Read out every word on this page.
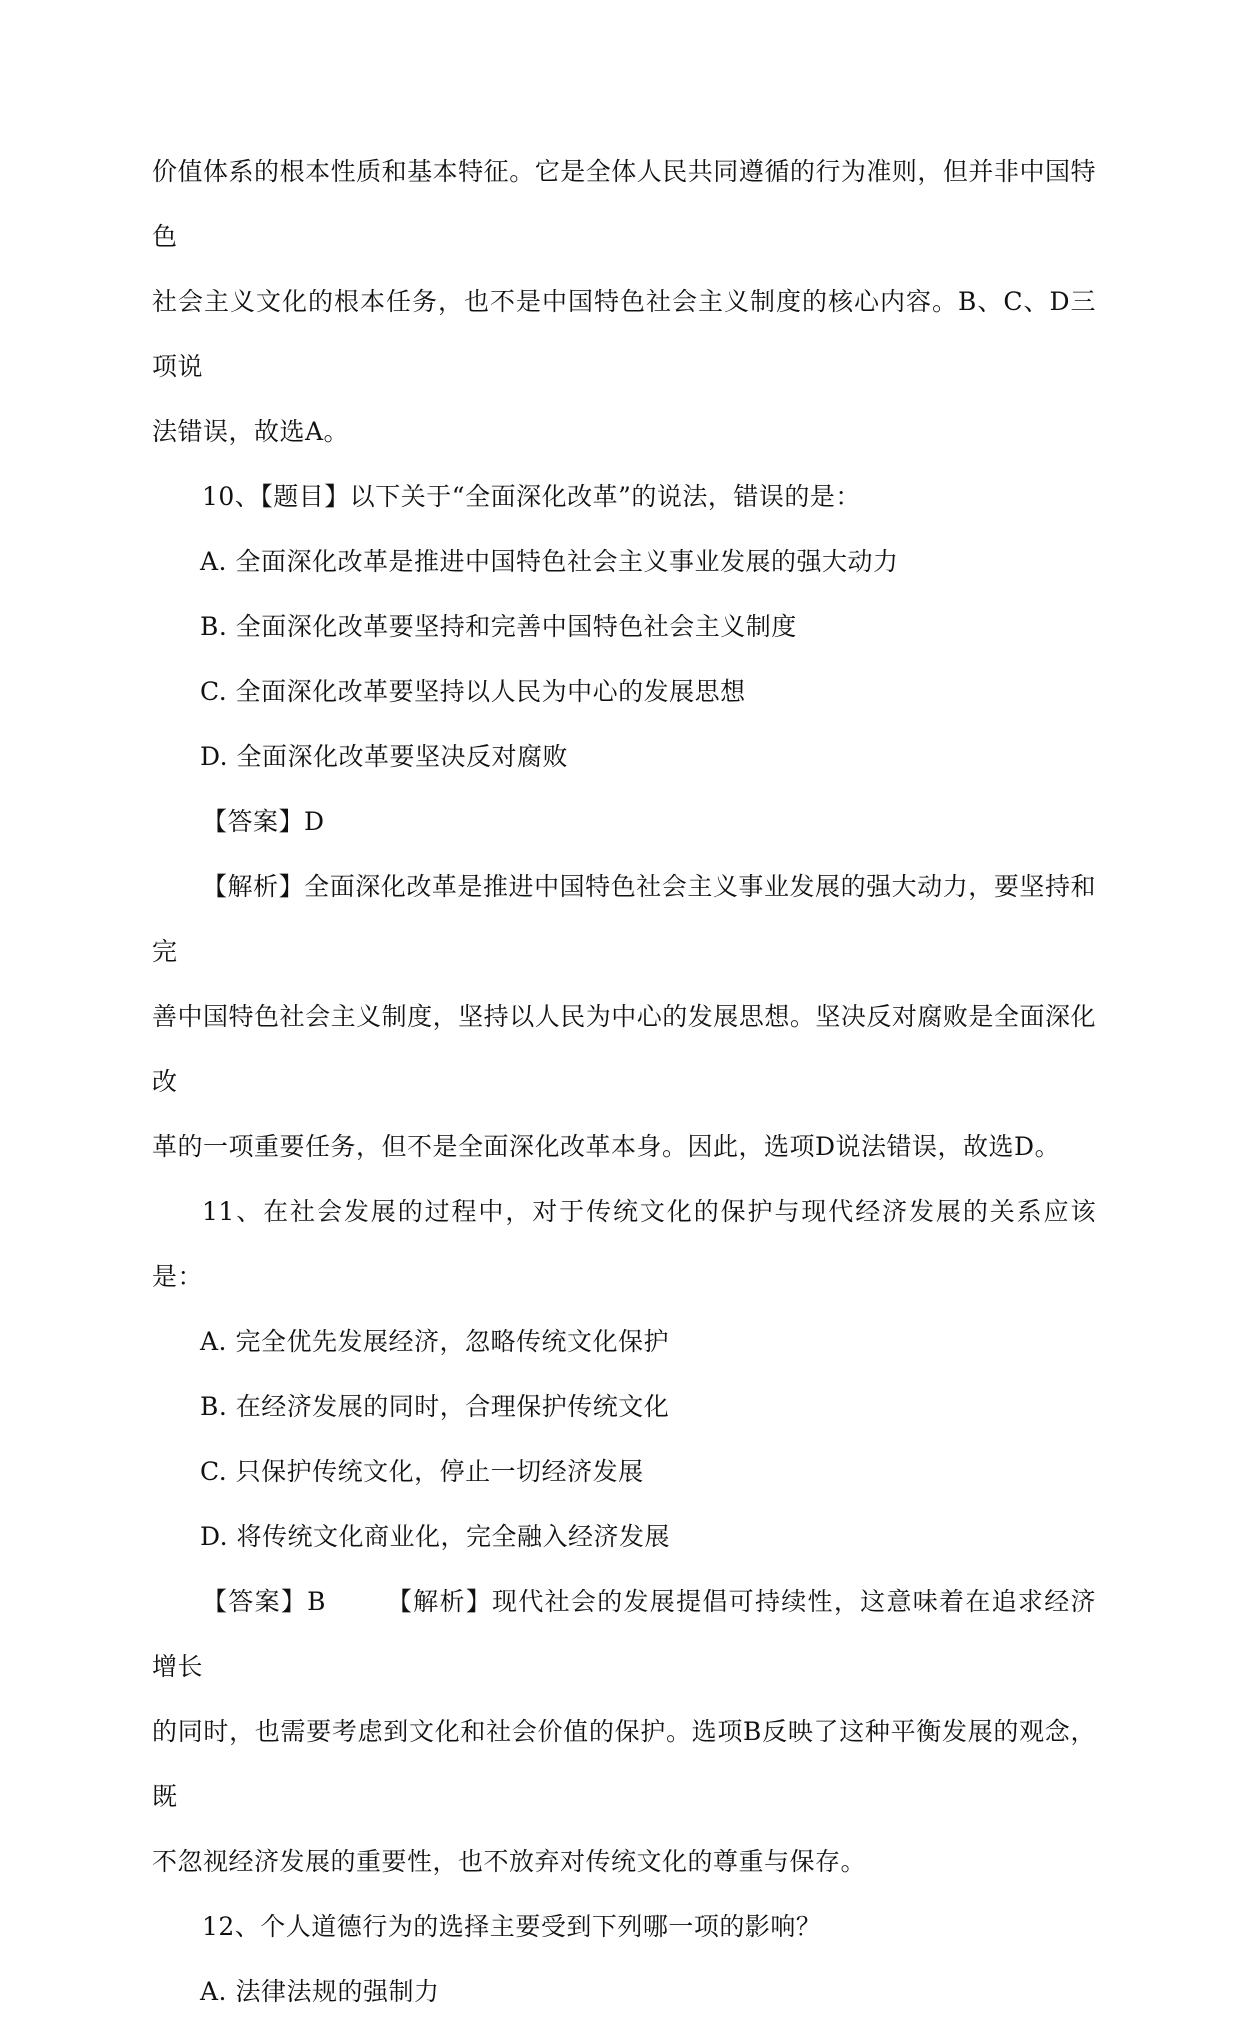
价值体系的根本性质和基本特征。它是全体人民共同遵循的行为准则，但并非中国特色

社会主义文化的根本任务，也不是中国特色社会主义制度的核心内容。B、C、D三项说

法错误，故选A。

10、【题目】以下关于“全面深化改革”的说法，错误的是：

A. 全面深化改革是推进中国特色社会主义事业发展的强大动力

B. 全面深化改革要坚持和完善中国特色社会主义制度

C. 全面深化改革要坚持以人民为中心的发展思想

D. 全面深化改革要坚决反对腐败

【答案】D

【解析】全面深化改革是推进中国特色社会主义事业发展的强大动力，要坚持和完

善中国特色社会主义制度，坚持以人民为中心的发展思想。坚决反对腐败是全面深化改

革的一项重要任务，但不是全面深化改革本身。因此，选项D说法错误，故选D。

11、在社会发展的过程中，对于传统文化的保护与现代经济发展的关系应该是：

A. 完全优先发展经济，忽略传统文化保护

B. 在经济发展的同时，合理保护传统文化

C. 只保护传统文化，停止一切经济发展

D. 将传统文化商业化，完全融入经济发展

【答案】B 【解析】现代社会的发展提倡可持续性，这意味着在追求经济增长

的同时，也需要考虑到文化和社会价值的保护。选项B反映了这种平衡发展的观念，既

不忽视经济发展的重要性，也不放弃对传统文化的尊重与保存。

12、个人道德行为的选择主要受到下列哪一项的影响？

A. 法律法规的强制力
